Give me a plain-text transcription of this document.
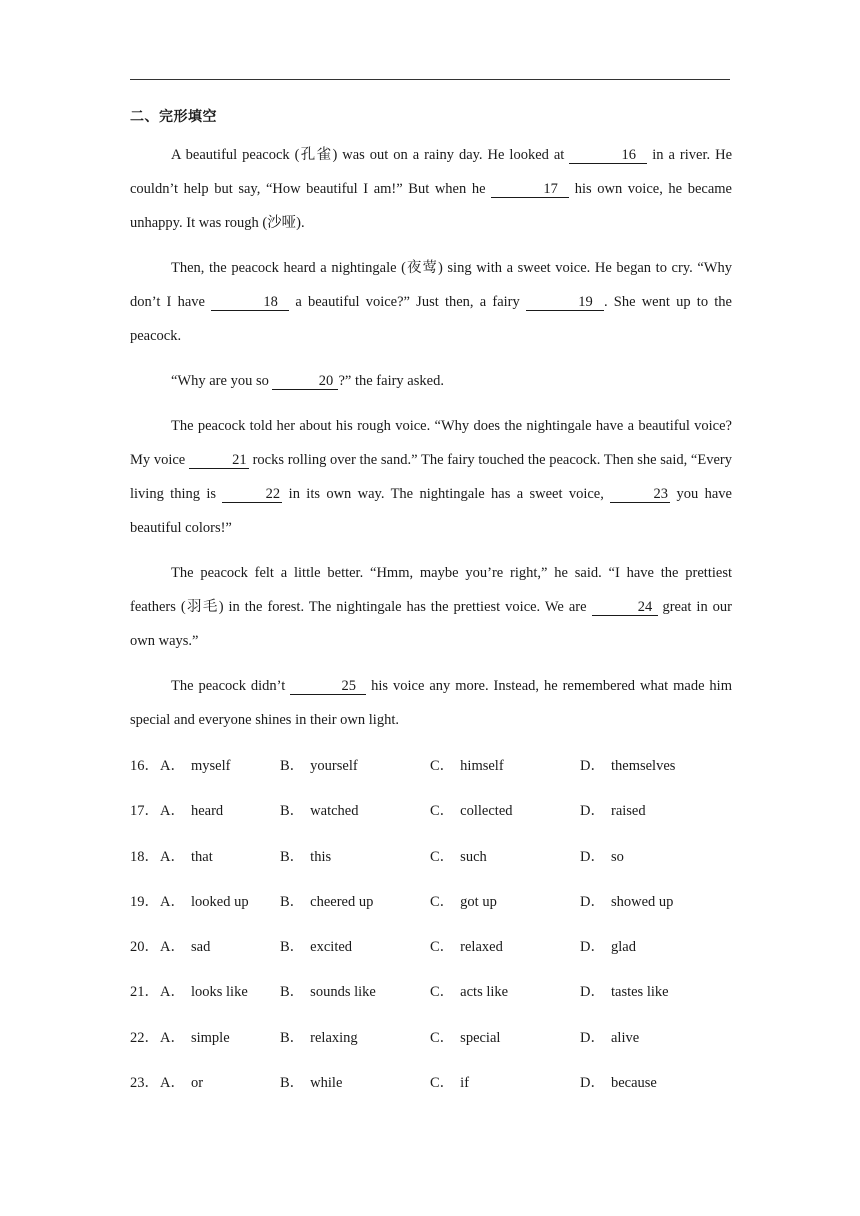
二、完形填空

A beautiful peacock (孔雀) was out on a rainy day. He looked at	16 in a river. He couldn’t help but say, “How beautiful I am!” But when he	17 his own voice, he became unhappy. It was rough (沙哑).

Then, the peacock heard a nightingale (夜莺) sing with a sweet voice. He began to cry. “Why don’t I have	18 a beautiful voice?” Just then, a fairy	19 . She went up to the peacock.

“Why are you so	20 ?” the fairy asked.

The peacock told her about his rough voice. “Why does the nightingale have a beautiful voice? My voice	21 rocks rolling over the sand.” The fairy touched the peacock. Then she said, “Every living thing is	22 in its own way. The nightingale has a sweet voice,	23 you have beautiful colors!”

The peacock felt a little better. “Hmm, maybe you’re right,” he said. “I have the prettiest feathers (羽毛) in the forest. The nightingale has the prettiest voice. We are	24 great in our own ways.”

The peacock didn’t	25 his voice any more. Instead, he remembered what made him special and everyone shines in their own light.

16． A． myself	B． yourself	C． himself	D． themselves
17． A． heard	B． watched	C． collected	D． raised
18． A． that	B． this	C． such	D． so
19． A． looked up	B． cheered up	C． got up	D． showed up
20． A． sad	B． excited	C． relaxed	D． glad
21． A． looks like	B． sounds like	C． acts like	D． tastes like
22． A． simple	B． relaxing	C． special	D． alive
23． A． or	B． while	C． if	D． because
